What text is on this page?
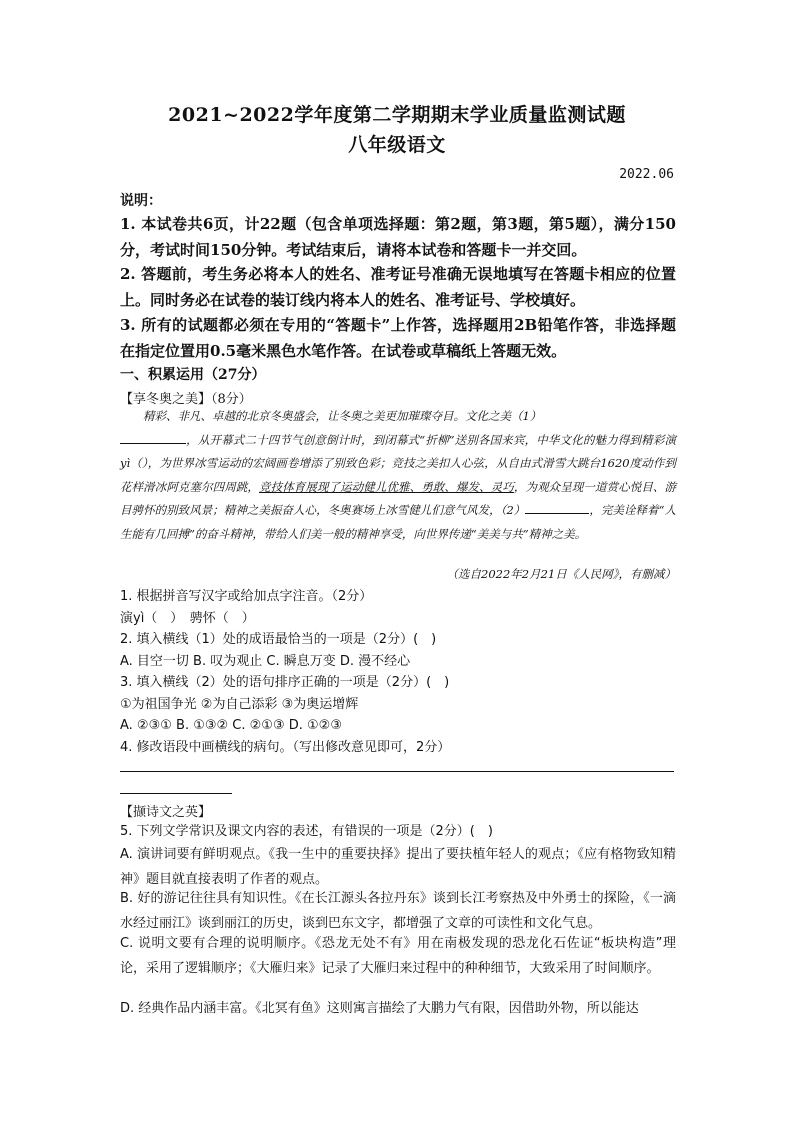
2021~2022学年度第二学期期末学业质量监测试题
八年级语文
2022.06
说明：
1. 本试卷共6页，计22题（包含单项选择题：第2题，第3题，第5题），满分150分，考试时间150分钟。考试结束后，请将本试卷和答题卡一并交回。
2. 答题前，考生务必将本人的姓名、准考证号准确无误地填写在答题卡相应的位置上。同时务必在试卷的装订线内将本人的姓名、准考证号、学校填好。
3. 所有的试题都必须在专用的“答题卡”上作答，选择题用2B铅笔作答，非选择题在指定位置用0.5毫米黑色水笔作答。在试卷或草稿纸上答题无效。
一、积累运用（27分）
【享冬奥之美】（8分）

精彩、非凡、卓越的北京冬奥盛会，让冬奥之美更加璀璨夺目。文化之美（1）
，从开幕式二十四节气创意倒计时，到闭幕式“折柳”送别各国来宾，中华文化的魅力得到精彩演yì（），为世界冰雪运动的宏阔画卷增添了别致色彩；竞技之美扣人心弦，从自由式滑雪大跳台1620度动作到花样滑冰阿克塞尔四周跳，竞技体育展现了运动健儿优雅、勇敢、爆发、灵巧，为观众呈现一道赏心悦目、游目骋怀的别致风景；精神之美振奋人心，冬奥赛场上冰雪健儿们意气风发，（2）	，完美诠释着“人生能有几回搏”的奋斗精神，带给人们美一般的精神享受，向世界传递“美美与共”精神之美。

（选自2022年2月21日《人民网》，有删减）
1. 根据拼音写汉字或给加点字注音。（2分）
演yì（　）　骋怀（　）
2. 填入横线（1）处的成语最恰当的一项是（2分）(　)
A. 目空一切 B. 叹为观止 C. 瞬息万变 D. 漫不经心
3. 填入横线（2）处的语句排序正确的一项是（2分）(　)
①为祖国争光 ②为自己添彩 ③为奥运增辉
A. ②③① B. ①③② C. ②①③ D. ①②③
4. 修改语段中画横线的病句。（写出修改意见即可，2分）
【撷诗文之英】
5. 下列文学常识及课文内容的表述，有错误的一项是（2分）(　)
A. 演讲词要有鲜明观点。《我一生中的重要抉择》提出了要扶植年轻人的观点；《应有格物致知精神》题目就直接表明了作者的观点。
B. 好的游记往往具有知识性。《在长江源头各拉丹东》谈到长江考察热及中外勇士的探险，《一滴水经过丽江》谈到丽江的历史，谈到巴东文字，都增强了文章的可读性和文化气息。
C. 说明文要有合理的说明顺序。《恐龙无处不有》用在南极发现的恐龙化石佐证“板块构造”理论，采用了逻辑顺序；《大雁归来》记录了大雁归来过程中的种种细节，大致采用了时间顺序。
D. 经典作品内涵丰富。《北冥有鱼》这则寓言描绘了大鹏力气有限，因借助外物，所以能达
